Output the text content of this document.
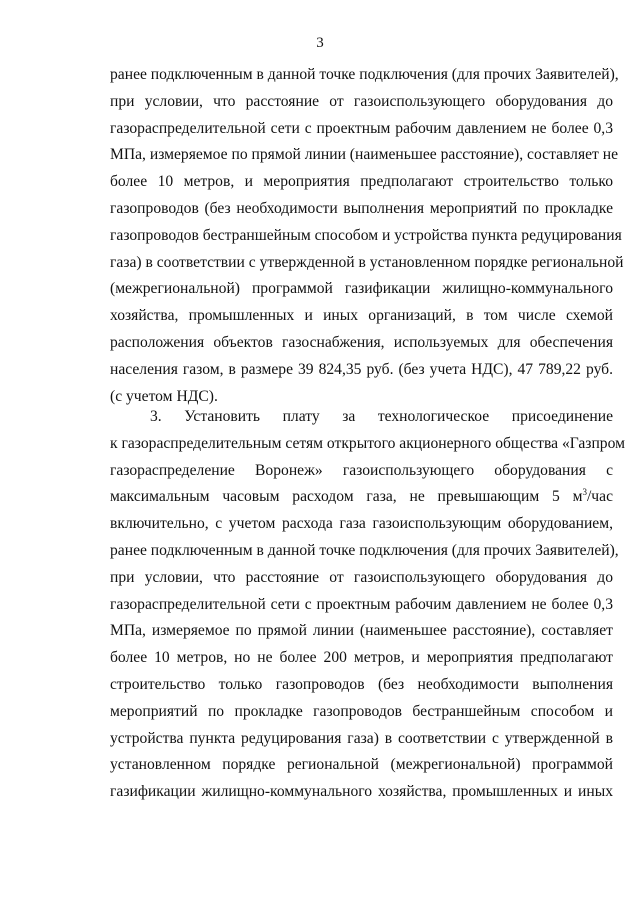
3
ранее подключенным в данной точке подключения (для прочих Заявителей),
при условии, что расстояние от газоиспользующего оборудования до
газораспределительной сети с проектным рабочим давлением не более 0,3
МПа, измеряемое по прямой линии (наименьшее расстояние), составляет не
более 10 метров, и мероприятия предполагают строительство только
газопроводов (без необходимости выполнения мероприятий по прокладке
газопроводов бестраншейным способом и устройства пункта редуцирования
газа) в соответствии с утвержденной в установленном порядке региональной
(межрегиональной) программой газификации жилищно-коммунального
хозяйства, промышленных и иных организаций, в том числе схемой
расположения объектов газоснабжения, используемых для обеспечения
населения газом, в размере 39 824,35 руб. (без учета НДС), 47 789,22 руб.
(с учетом НДС).
3. Установить плату за технологическое присоединение
к газораспределительным сетям открытого акционерного общества «Газпром
газораспределение Воронеж» газоиспользующего оборудования с
максимальным часовым расходом газа, не превышающим 5 $м^3$/час
включительно, с учетом расхода газа газоиспользующим оборудованием,
ранее подключенным в данной точке подключения (для прочих Заявителей),
при условии, что расстояние от газоиспользующего оборудования до
газораспределительной сети с проектным рабочим давлением не более 0,3
МПа, измеряемое по прямой линии (наименьшее расстояние), составляет
более 10 метров, но не более 200 метров, и мероприятия предполагают
строительство только газопроводов (без необходимости выполнения
мероприятий по прокладке газопроводов бестраншейным способом и
устройства пункта редуцирования газа) в соответствии с утвержденной в
установленном порядке региональной (межрегиональной) программой
газификации жилищно-коммунального хозяйства, промышленных и иных
